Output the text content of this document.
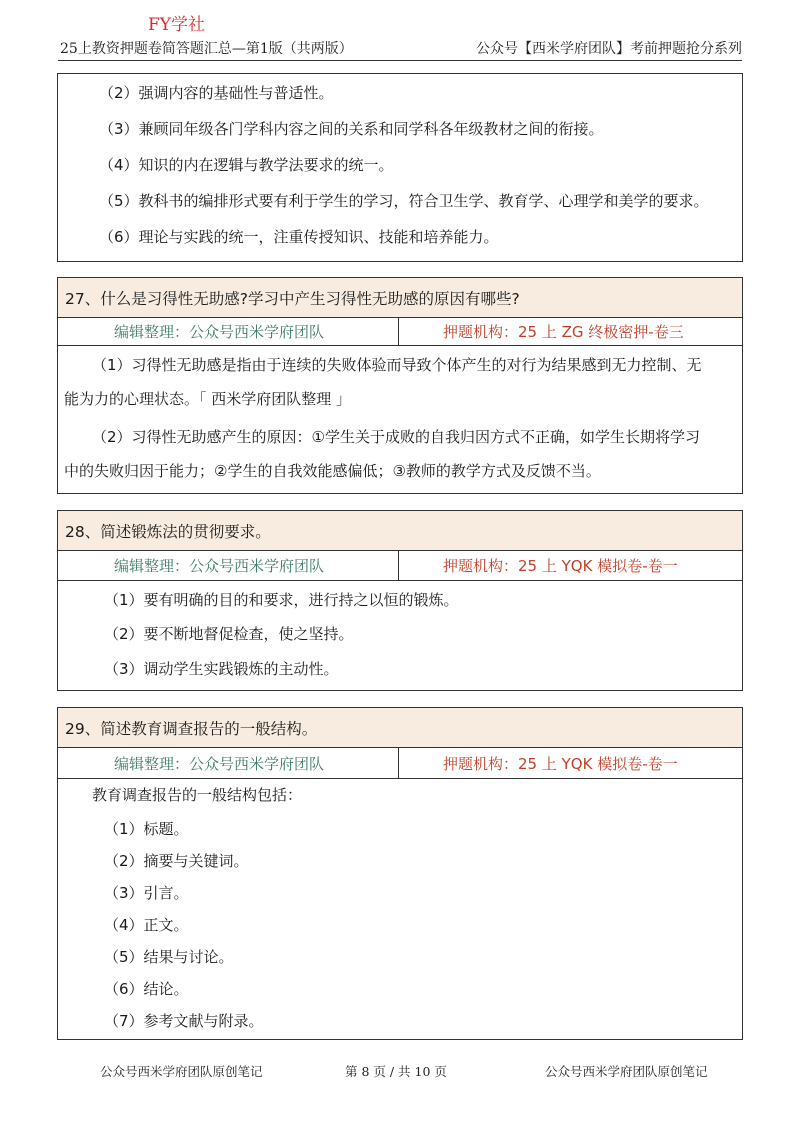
FY学社
25上教资押题卷简答题汇总—第1版（共两版）	公众号【西米学府团队】考前押题抢分系列
（2）强调内容的基础性与普适性。
（3）兼顾同年级各门学科内容之间的关系和同学科各年级教材之间的衔接。
（4）知识的内在逻辑与教学法要求的统一。
（5）教科书的编排形式要有利于学生的学习，符合卫生学、教育学、心理学和美学的要求。
（6）理论与实践的统一，注重传授知识、技能和培养能力。
27、什么是习得性无助感?学习中产生习得性无助感的原因有哪些?
编辑整理：公众号西米学府团队	押题机构：25 上 ZG 终极密押-卷三
（1）习得性无助感是指由于连续的失败体验而导致个体产生的对行为结果感到无力控制、无
能为力的心理状态。「 西米学府团队整理 」
（2）习得性无助感产生的原因：①学生关于成败的自我归因方式不正确，如学生长期将学习
中的失败归因于能力；②学生的自我效能感偏低；③教师的教学方式及反馈不当。
28、简述锻炼法的贯彻要求。
编辑整理：公众号西米学府团队	押题机构：25 上 YQK 模拟卷-卷一
（1）要有明确的目的和要求，进行持之以恒的锻炼。
（2）要不断地督促检查，使之坚持。
（3）调动学生实践锻炼的主动性。
29、简述教育调查报告的一般结构。
编辑整理：公众号西米学府团队	押题机构：25 上 YQK 模拟卷-卷一
教育调查报告的一般结构包括：
（1）标题。
（2）摘要与关键词。
（3）引言。
（4）正文。
（5）结果与讨论。
（6）结论。
（7）参考文献与附录。
公众号西米学府团队原创笔记	第 8 页 / 共 10 页	公众号西米学府团队原创笔记
